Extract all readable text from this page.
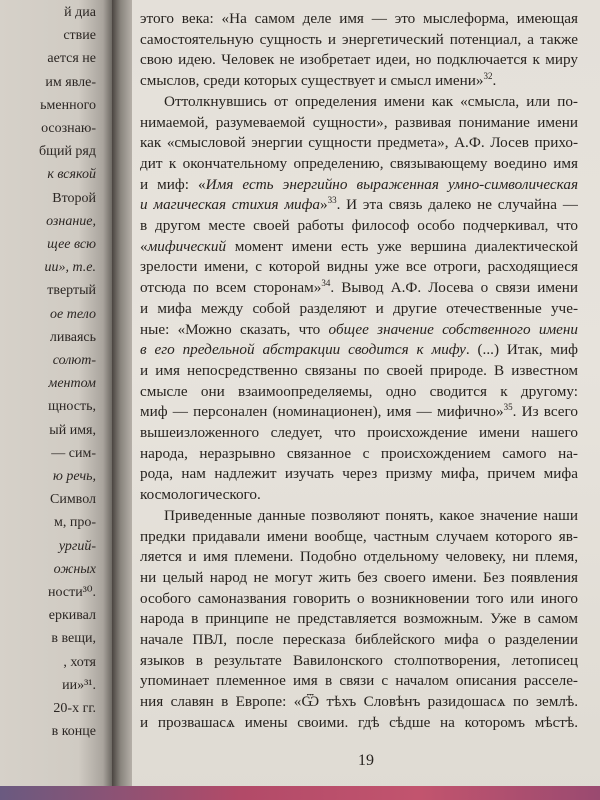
й диа
ствие
ается не
им явле-
ьменного
осознаю-
бщий ряд
к всякой
Второй
ознание,
щее всю
ии», т.е.
твертый
ое тело
ливаясь
солют-
ментом
щность,
ый имя,
— сим-
ю речь,
Символ
м, про-
ургий-
ожных
ности³⁰.
еркивал
в вещи,
, хотя
ии»³¹.
20-х гг.
в конце
этого века: «На самом деле имя — это мыслеформа, имеющая
самостоятельную сущность и энергетический потенциал, а также
свою идею. Человек не изобретает идеи, но подключается к миру
смыслов, среди которых существует и смысл имени»$^{32}$.
Оттолкнувшись от определения имени как «смысла, или по-
нимаемой, разумеваемой сущности», развивая понимание имени
как «смысловой энергии сущности предмета», А.Ф. Лосев прихо-
дит к окончательному определению, связывающему воедино имя
и миф: «Имя есть энергийно выраженная умно-символическая
и магическая стихия мифа»$^{33}$. И эта связь далеко не случайна —
в другом месте своей работы философ особо подчеркивал, что
«мифический момент имени есть уже вершина диалектической
зрелости имени, с которой видны уже все отроги, расходящиеся
отсюда по всем сторонам»$^{34}$. Вывод А.Ф. Лосева о связи имени
и мифа между собой разделяют и другие отечественные уче-
ные: «Можно сказать, что общее значение собственного имени
в его предельной абстракции сводится к мифу. (...) Итак, миф
и имя непосредственно связаны по своей природе. В известном
смысле они взаимоопределяемы, одно сводится к другому:
миф — персонален (номинационен), имя — мифично»$^{35}$. Из всего
вышеизложенного следует, что происхождение имени нашего
народа, неразрывно связанное с происхождением самого на-
рода, нам надлежит изучать через призму мифа, причем мифа
космологического.
Приведенные данные позволяют понять, какое значение наши
предки придавали имени вообще, частным случаем которого яв-
ляется и имя племени. Подобно отдельному человеку, ни племя,
ни целый народ не могут жить без своего имени. Без появления
особого самоназвания говорить о возникновении того или иного
народа в принципе не представляется возможным. Уже в самом
начале ПВЛ, после пересказа библейского мифа о разделении
языков в результате Вавилонского столпотворения, летописец
упоминает племенное имя в связи с началом описания расселе-
ния славян в Европе: «Ѿ тѣхъ Словѣнъ разидошасѧ по землѣ.
и прозвашасѧ имены своими. гдѣ сѣдше на которомъ мѣстѣ.
19
